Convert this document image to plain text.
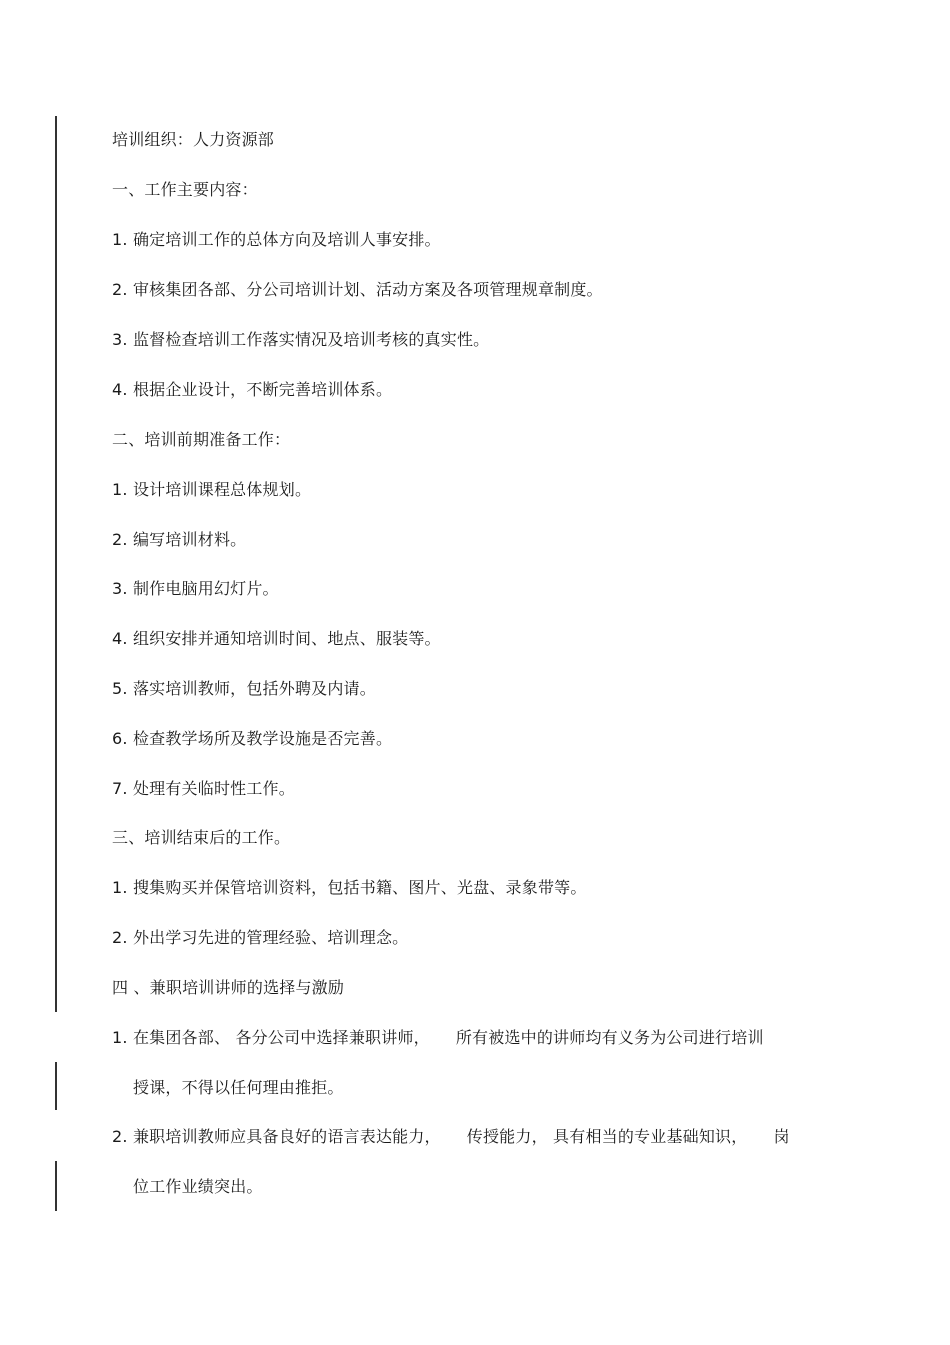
培训组织：人力资源部
一、工作主要内容：
1. 确定培训工作的总体方向及培训人事安排。
2. 审核集团各部、分公司培训计划、活动方案及各项管理规章制度。
3. 监督检查培训工作落实情况及培训考核的真实性。
4. 根据企业设计，不断完善培训体系。
二、培训前期准备工作：
1. 设计培训课程总体规划。
2. 编写培训材料。
3. 制作电脑用幻灯片。
4. 组织安排并通知培训时间、地点、服装等。
5. 落实培训教师，包括外聘及内请。
6. 检查教学场所及教学设施是否完善。
7. 处理有关临时性工作。
三、培训结束后的工作。
1. 搜集购买并保管培训资料，包括书籍、图片、光盘、录象带等。
2. 外出学习先进的管理经验、培训理念。
四 、兼职培训讲师的选择与激励
1. 在集团各部、 各分公司中选择兼职讲师， 所有被选中的讲师均有义务为公司进行培训
授课，不得以任何理由推拒。
2. 兼职培训教师应具备良好的语言表达能力， 传授能力， 具有相当的专业基础知识， 岗
位工作业绩突出。
